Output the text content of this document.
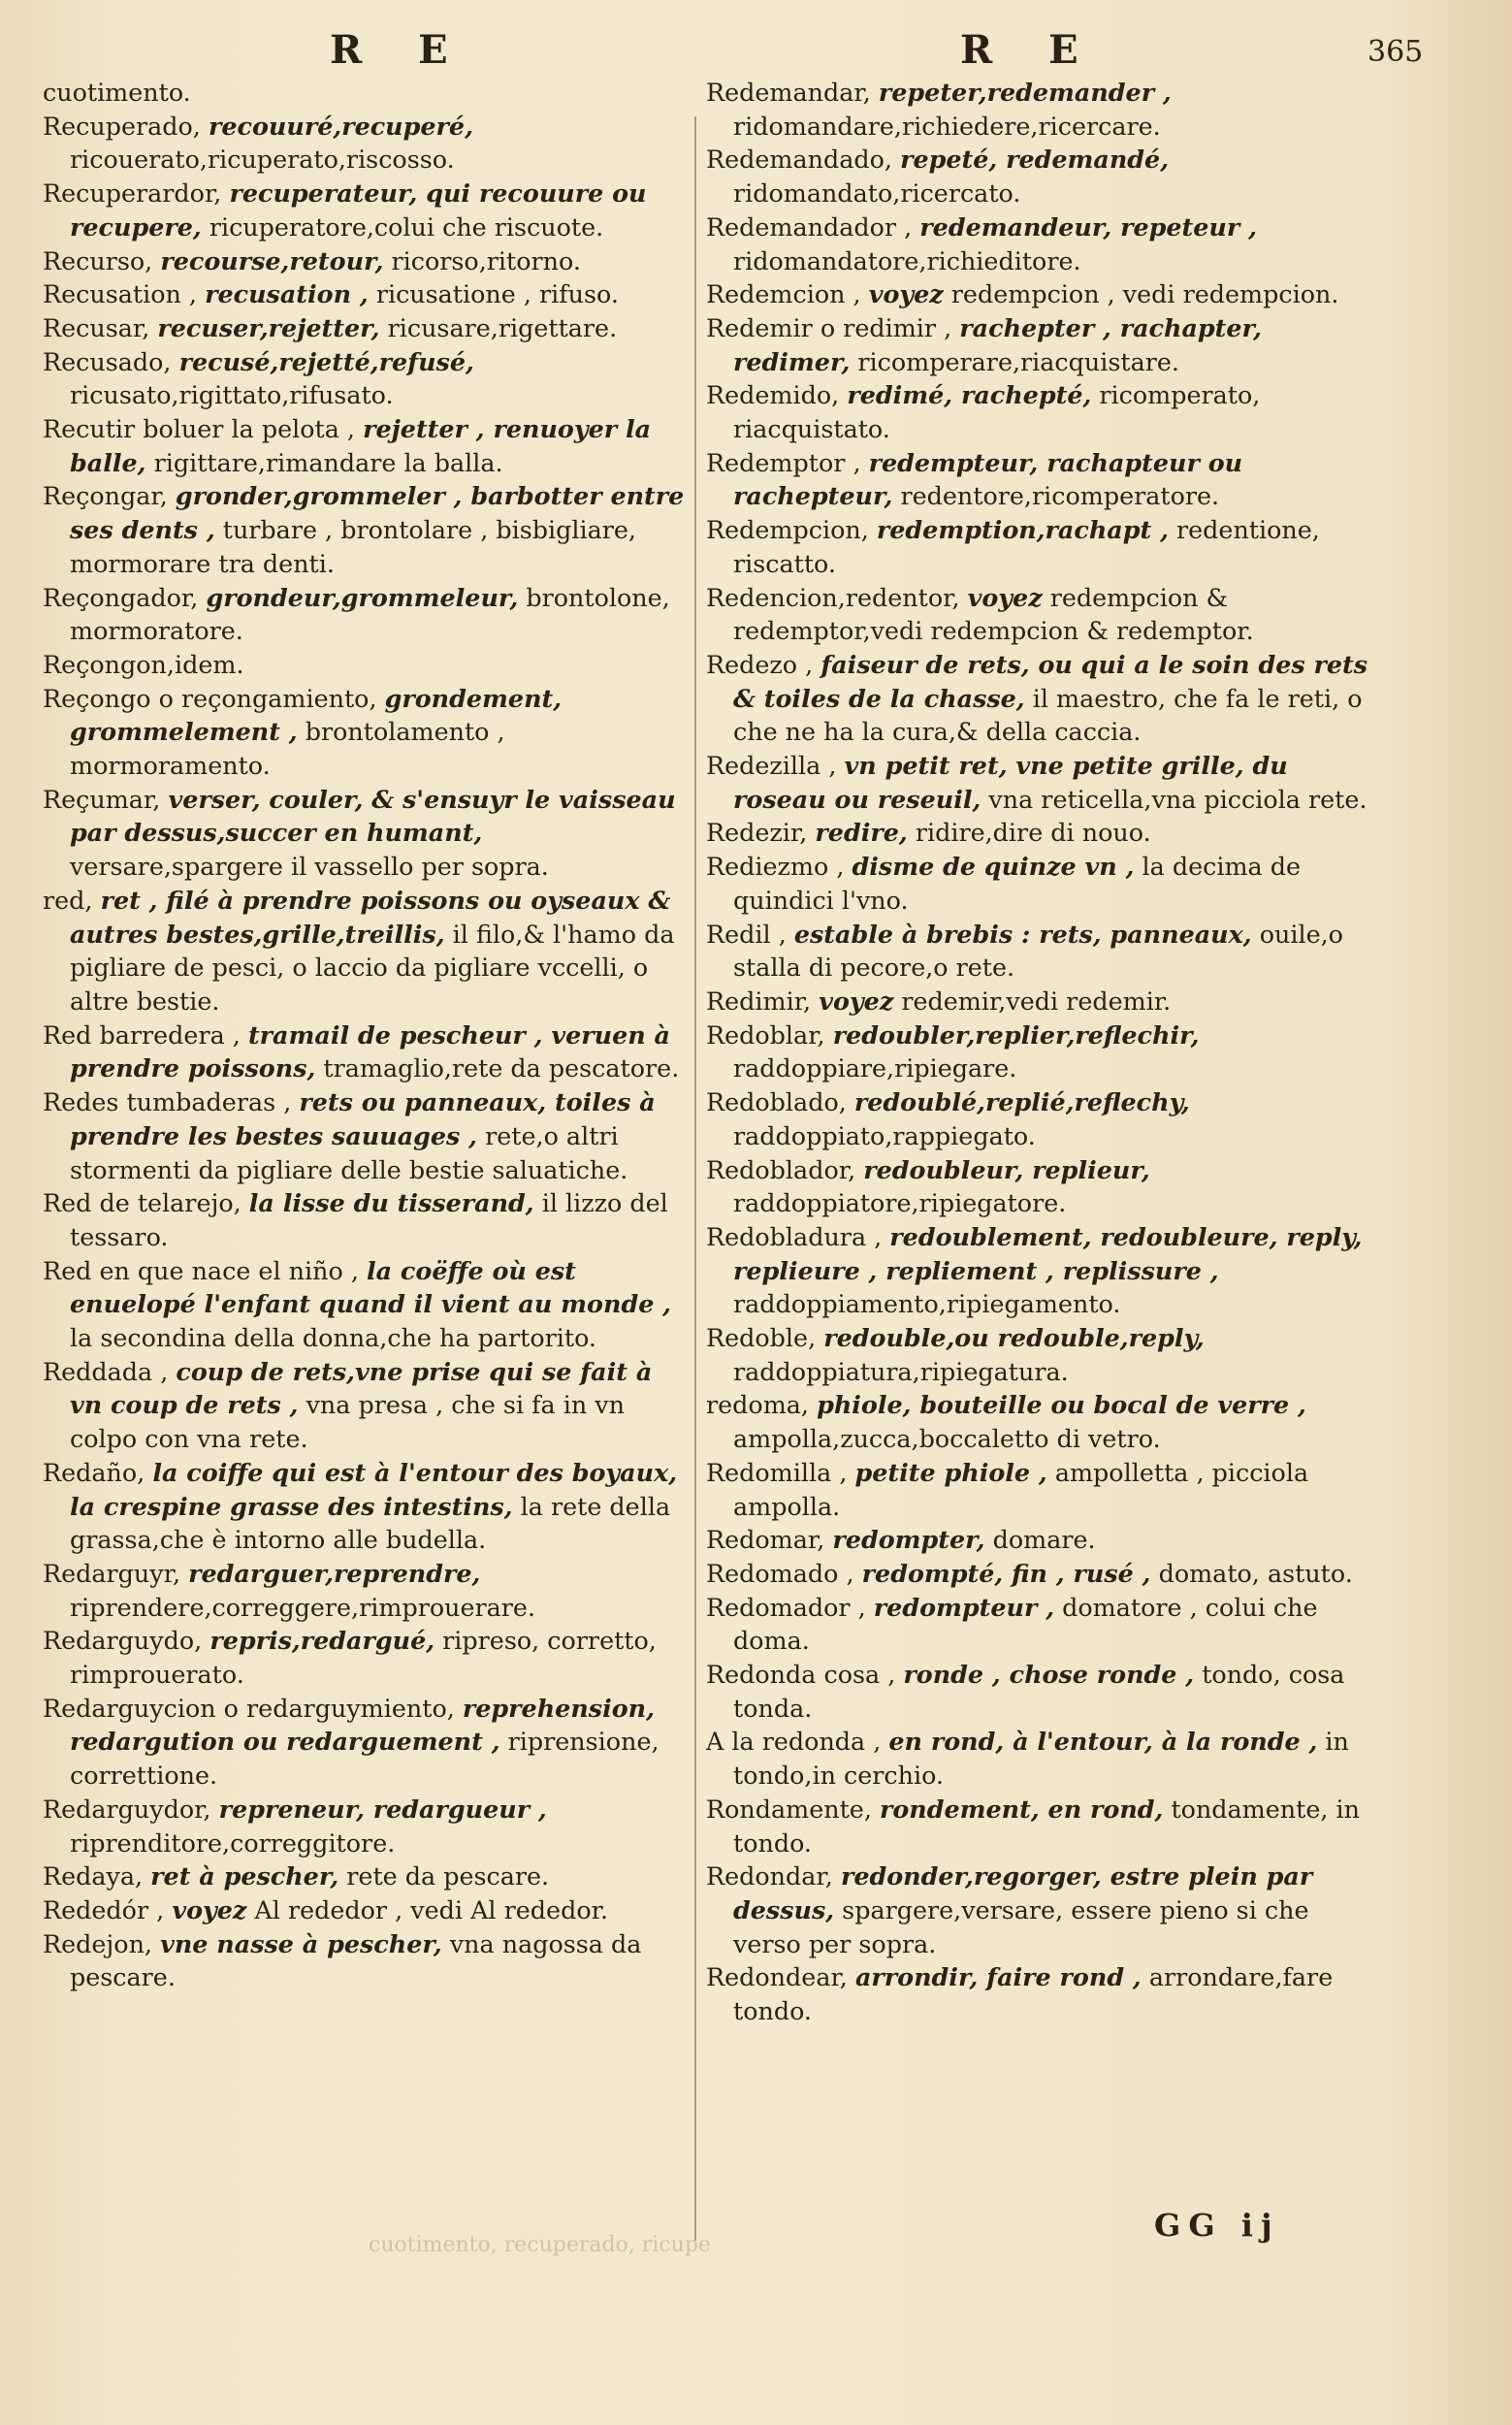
R E	R E	365

cuotimento.

Recuperado, recouuré,recuperé, ricouerato,ricuperato,riscosso.

Recuperardor, recuperateur, qui recouure ou recupere, ricuperatore,colui che riscuote.

Recurso, recourse,retour, ricorso,ritorno.

Recusation , recusation , ricusatione , rifuso.

Recusar, recuser,rejetter, ricusare,rigettare.

Recusado, recusé,rejetté,refusé, ricusato,rigittato,rifusato.

Recutir boluer la pelota , rejetter , renuoyer la balle, rigittare,rimandare la balla.

Reçongar, gronder,grommeler , barbotter entre ses dents , turbare , brontolare , bisbigliare, mormorare tra denti.

Reçongador, grondeur,grommeleur, brontolone, mormoratore.

Reçongon,idem.

Reçongo o reçongamiento, grondement, grommelement , brontolamento , mormoramento.

Reçumar, verser, couler, & s'ensuyr le vaisseau par dessus,succer en humant, versare,spargere il vassello per sopra.

red, ret , filé à prendre poissons ou oyseaux & autres bestes,grille,treillis, il filo,& l'hamo da pigliare de pesci, o laccio da pigliare vccelli, o altre bestie.

Red barredera , tramail de pescheur , veruen à prendre poissons, tramaglio,rete da pescatore.

Redes tumbaderas , rets ou panneaux, toiles à prendre les bestes sauuages , rete,o altri stormenti da pigliare delle bestie saluatiche.

Red de telarejo, la lisse du tisserand, il lizzo del tessaro.

Red en que nace el niño , la coëffe où est enuelopé l'enfant quand il vient au monde , la secondina della donna,che ha partorito.

Reddada , coup de rets,vne prise qui se fait à vn coup de rets , vna presa , che si fa in vn colpo con vna rete.

Redaño, la coiffe qui est à l'entour des boyaux, la crespine grasse des intestins, la rete della grassa,che è intorno alle budella.

Redarguyr, redarguer,reprendre, riprendere,correggere,rimprouerare.

Redarguydo, repris,redargué, ripreso, corretto, rimprouerato.

Redarguycion o redarguymiento, reprehension, redargution ou redarguement , riprensione, correttione.

Redarguydor, repreneur, redargueur , riprenditore,correggitore.

Redaya, ret à pescher, rete da pescare.

Rededór , voyez Al rededor , vedi Al rededor.

Redejon, vne nasse à pescher, vna nagossa da pescare.

Redemandar, repeter,redemander , ridomandare,richiedere,ricercare.

Redemandado, repeté, redemandé, ridomandato,ricercato.

Redemandador , redemandeur, repeteur , ridomandatore,richieditore.

Redemcion , voyez redempcion , vedi redempcion.

Redemir o redimir , rachepter , rachapter, redimer, ricomperare,riacquistare.

Redemido, redimé, rachepté, ricomperato, riacquistato.

Redemptor , redempteur, rachapteur ou rachepteur, redentore,ricomperatore.

Redempcion, redemption,rachapt , redentione, riscatto.

Redencion,redentor, voyez redempcion & redemptor,vedi redempcion & redemptor.

Redezo , faiseur de rets, ou qui a le soin des rets & toiles de la chasse, il maestro, che fa le reti, o che ne ha la cura,& della caccia.

Redezilla , vn petit ret, vne petite grille, du roseau ou reseuil, vna reticella,vna picciola rete.

Redezir, redire, ridire,dire di nouo.

Rediezmo , disme de quinze vn , la decima de quindici l'vno.

Redil , estable à brebis : rets, panneaux, ouile,o stalla di pecore,o rete.

Redimir, voyez redemir,vedi redemir.

Redoblar, redoubler,replier,reflechir, raddoppiare,ripiegare.

Redoblado, redoublé,replié,reflechy, raddoppiato,rappiegato.

Redoblador, redoubleur, replieur, raddoppiatore,ripiegatore.

Redobladura , redoublement, redoubleure, reply, replieure , repliement , replissure , raddoppiamento,ripiegamento.

Redoble, redouble,ou redouble,reply, raddoppiatura,ripiegatura.

redoma, phiole, bouteille ou bocal de verre , ampolla,zucca,boccaletto di vetro.

Redomilla , petite phiole , ampolletta , picciola ampolla.

Redomar, redompter, domare.

Redomado , redompté, fin , rusé , domato, astuto.

Redomador , redompteur , domatore , colui che doma.

Redonda cosa , ronde , chose ronde , tondo, cosa tonda.

A la redonda , en rond, à l'entour, à la ronde , in tondo,in cerchio.

Rondamente, rondement, en rond, tondamente, in tondo.

Redondar, redonder,regorger, estre plein par dessus, spargere,versare, essere pieno si che verso per sopra.

Redondear, arrondir, faire rond , arrondare,fare tondo.

cuotimento, recuperado, ricupe
GG ij
